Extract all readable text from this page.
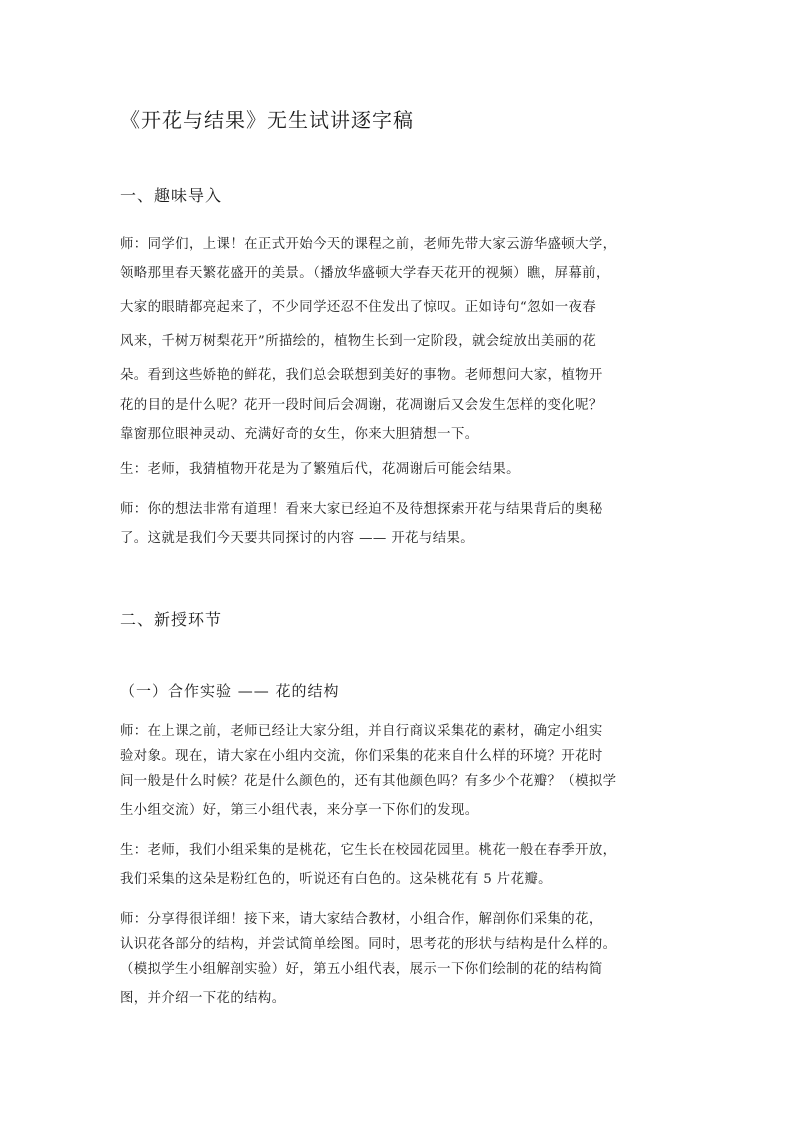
《开花与结果》无生试讲逐字稿
一、趣味导入
师：同学们，上课！在正式开始今天的课程之前，老师先带大家云游华盛顿大学，
领略那里春天繁花盛开的美景。（播放华盛顿大学春天花开的视频）瞧，屏幕前，
大家的眼睛都亮起来了，不少同学还忍不住发出了惊叹。正如诗句“忽如一夜春
风来，千树万树梨花开”所描绘的，植物生长到一定阶段，就会绽放出美丽的花
朵。看到这些娇艳的鲜花，我们总会联想到美好的事物。老师想问大家，植物开
花的目的是什么呢？花开一段时间后会凋谢，花凋谢后又会发生怎样的变化呢？
靠窗那位眼神灵动、充满好奇的女生，你来大胆猜想一下。
生：老师，我猜植物开花是为了繁殖后代，花凋谢后可能会结果。
师：你的想法非常有道理！看来大家已经迫不及待想探索开花与结果背后的奥秘
了。这就是我们今天要共同探讨的内容 —— 开花与结果。
二、新授环节
（一）合作实验 —— 花的结构
师：在上课之前，老师已经让大家分组，并自行商议采集花的素材，确定小组实
验对象。现在，请大家在小组内交流，你们采集的花来自什么样的环境？开花时
间一般是什么时候？花是什么颜色的，还有其他颜色吗？有多少个花瓣？（模拟学
生小组交流）好，第三小组代表，来分享一下你们的发现。
生：老师，我们小组采集的是桃花，它生长在校园花园里。桃花一般在春季开放，
我们采集的这朵是粉红色的，听说还有白色的。这朵桃花有 5 片花瓣。
师：分享得很详细！接下来，请大家结合教材，小组合作，解剖你们采集的花，
认识花各部分的结构，并尝试简单绘图。同时，思考花的形状与结构是什么样的。
（模拟学生小组解剖实验）好，第五小组代表，展示一下你们绘制的花的结构简
图，并介绍一下花的结构。
